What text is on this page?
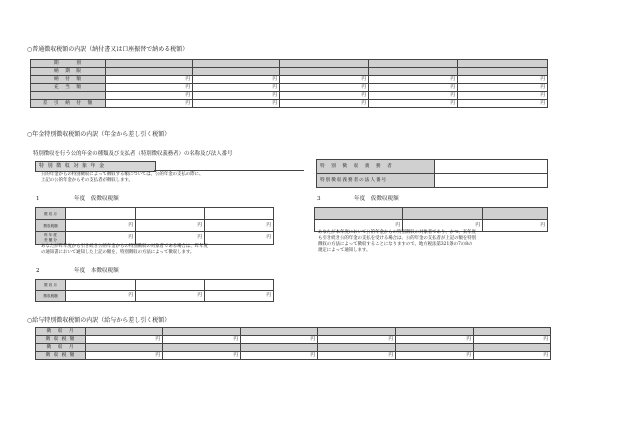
○普通徴収税額の内訳（納付書又は口座振替で納める税額）
期　　　別					
納　期　限					
納　付　額	円	円	円	円	円
充　当　額	円	円	円	円	円
	円	円	円	円	円
差　引　納　付　額	円	円	円	円	円
○年金特別徴収税額の内訳（年金から差し引く税額）
特別徴収を行う公的年金の種類及び支払者（特別徴収義務者）の名称及び法人番号
特 別 徴 収 対 象 年 金
公的年金からの特別徴収によって徴収する額については、公的年金の支払の際に、
上記の公的年金からその支払者が徴収します。
特　別　徴　収　義　務　者	
特別徴収義務者の法人番号	
1	年度　仮徴収税額
徴 収 月			
徴収税額	円	円	円

昨 年 度
差 額 分	円	円	円
あなたが昨年度から引き続き公的年金からの特別徴収の対象者である場合は、昨年度
の通知書において通知した上記の額を、特別徴収の方法によって徴収します。
2	年度　本徴収税額
徴 収 月			
徴収税額	円	円	円
3	年度　仮徴収税額

円	円	円
あなたが本年度において公的年金からの特別徴収の対象者であり、かつ、来年度
も引き続き公的年金の支払を受ける場合は、公的年金の支払者が上記の額を特別
徴収の方法によって徴収することになりますので、地方税法第321条の7の8の
規定によって通知します。
○給与特別徴収税額の内訳（給与から差し引く税額）
徴　収　月						
徴 収 税 額	円	円	円	円	円	円
徴　収　月						
徴 収 税 額	円	円	円	円	円	円
